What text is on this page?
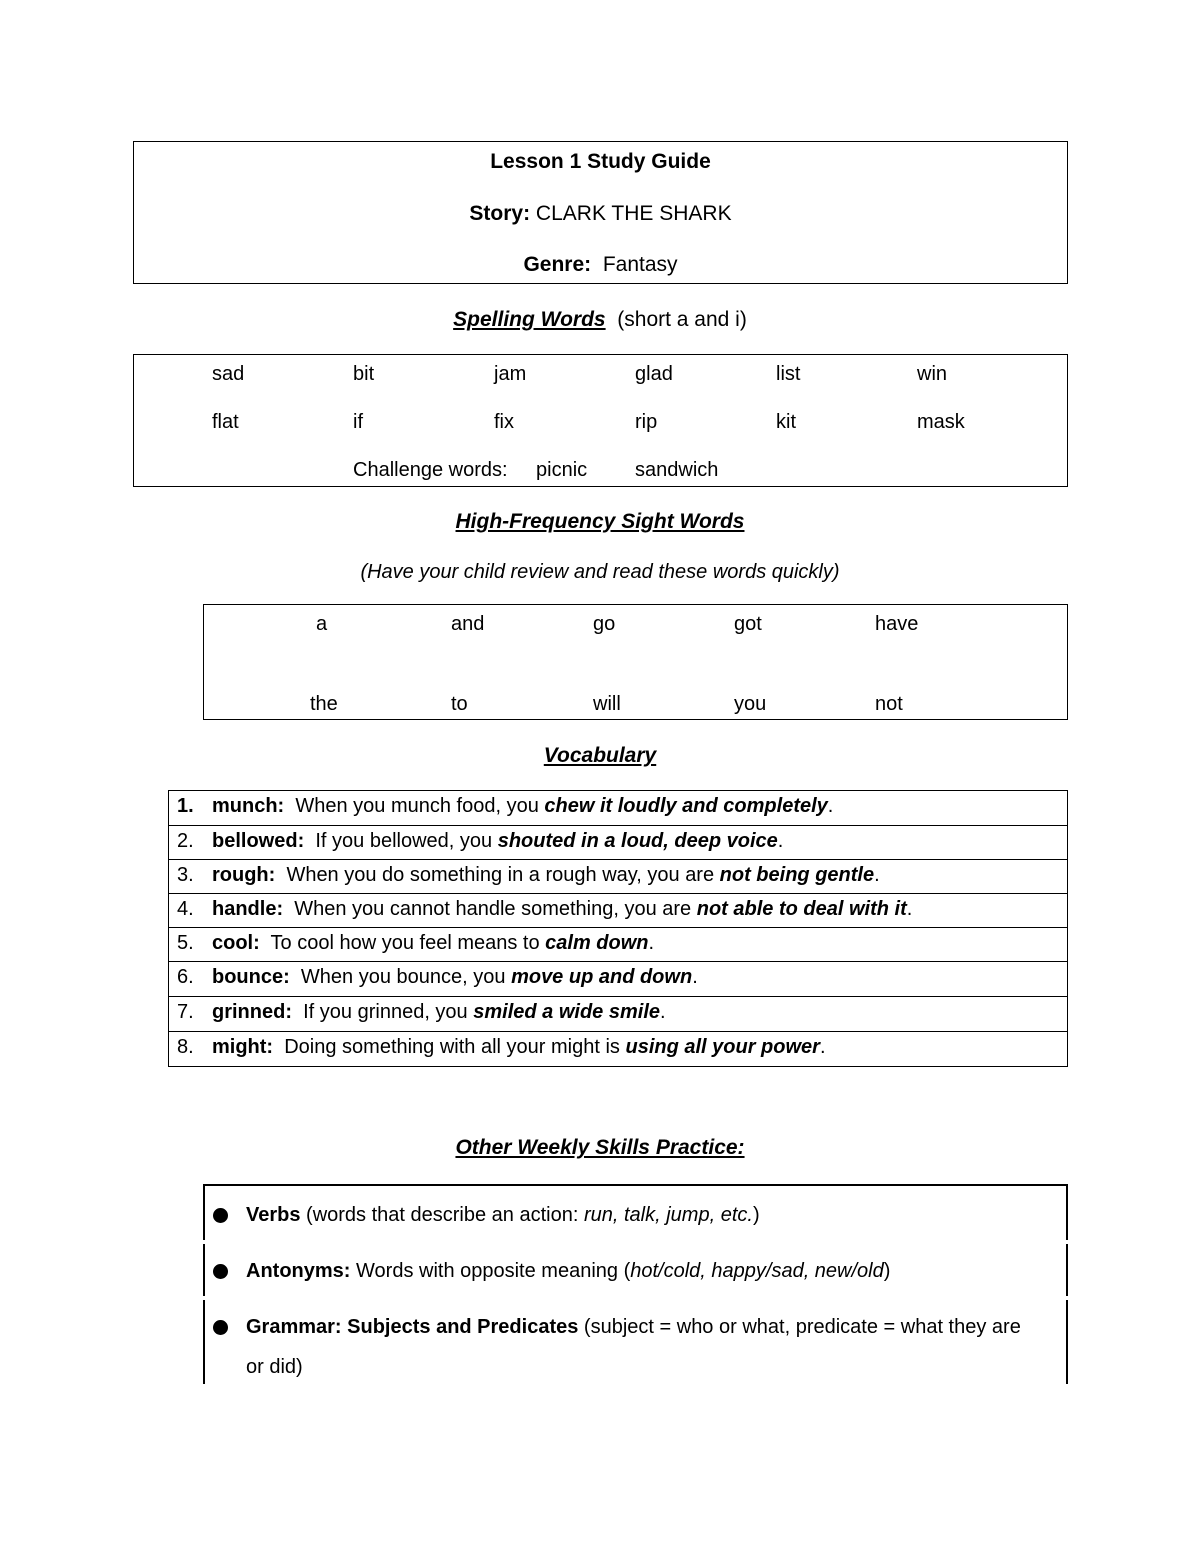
Lesson 1 Study Guide
Story: CLARK THE SHARK
Genre: Fantasy
Spelling Words (short a and i)
sad	bit	jam	glad	list	win
flat	if	fix	rip	kit	mask
Challenge words: picnic sandwich
High-Frequency Sight Words
(Have your child review and read these words quickly)
a	and	go	got	have
the	to	will	you	not
Vocabulary
1. munch: When you munch food, you chew it loudly and completely.
2. bellowed: If you bellowed, you shouted in a loud, deep voice.
3. rough: When you do something in a rough way, you are not being gentle.
4. handle: When you cannot handle something, you are not able to deal with it.
5. cool: To cool how you feel means to calm down.
6. bounce: When you bounce, you move up and down.
7. grinned: If you grinned, you smiled a wide smile.
8. might: Doing something with all your might is using all your power.
Other Weekly Skills Practice:
Verbs (words that describe an action: run, talk, jump, etc.)
Antonyms: Words with opposite meaning (hot/cold, happy/sad, new/old)
Grammar: Subjects and Predicates (subject = who or what, predicate = what they are or did)
